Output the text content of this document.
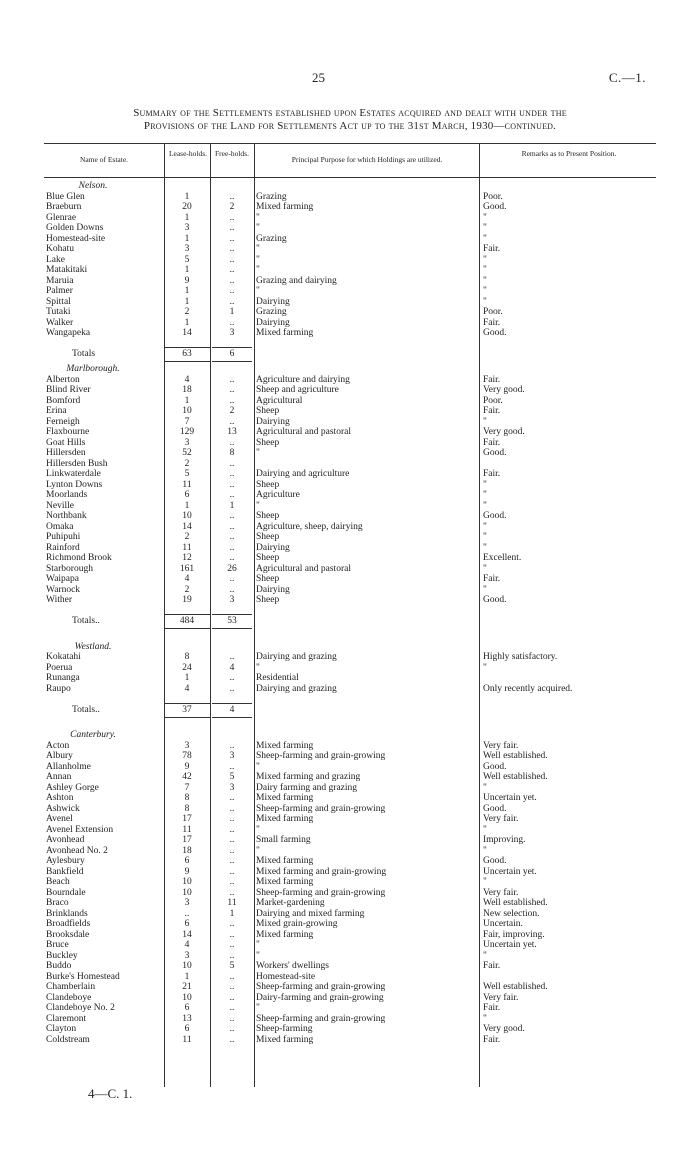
25	C.—1.
Summary of the Settlements established upon Estates acquired and dealt with under the
Provisions of the Land for Settlements Act up to the 31st March, 1930—continued.
Name of Estate.
Lease-holds. Free-holds.
Principal Purpose for which Holdings are utilized.
Remarks as to Present Position.
Nelson.
Blue Glen	1	..	Grazing	Poor.
Braeburn	20	2	Mixed farming	Good.
Glenrae	1	..	"	"
Golden Downs	3	..	"	"
Homestead-site	1	..	Grazing	"
Kohatu	3	..	"	Fair.
Lake	5	..	"	"
Matakitaki	1	..	"	"
Maruia	9	..	Grazing and dairying	"
Palmer	1	..	"	"
Spittal	1	..	Dairying	"
Tutaki	2	1	Grazing	Poor.
Walker	1	..	Dairying	Fair.
Wangapeka	14	3	Mixed farming	Good.
Totals	63	6
Marlborough.
Alberton	4	..	Agriculture and dairying	Fair.
Blind River	18	..	Sheep and agriculture	Very good.
Bomford	1	..	Agricultural	Poor.
Erina	10	2	Sheep	Fair.
Ferneigh	7	..	Dairying	"
Flaxbourne	129	13	Agricultural and pastoral	Very good.
Goat Hills	3	..	Sheep	Fair.
Hillersden	52	8	"	Good.
Hillersden Bush	2	..
Linkwaterdale	5	..	Dairying and agriculture	Fair.
Lynton Downs	11	..	Sheep	"
Moorlands	6	..	Agriculture	"
Neville	1	1	"	"
Northbank	10	..	Sheep	Good.
Omaka	14	..	Agriculture, sheep, dairying	"
Puhipuhi	2	..	Sheep	"
Rainford	11	..	Dairying	"
Richmond Brook	12	..	Sheep	Excellent.
Starborough	161	26	Agricultural and pastoral	"
Waipapa	4	..	Sheep	Fair.
Warnock	2	..	Dairying	"
Wither	19	3	Sheep	Good.
Totals..	484	53
Westland.
Kokatahi	8	..	Dairying and grazing	Highly satisfactory.
Poerua	24	4	"	"
Runanga	1	..	Residential
Raupo	4	..	Dairying and grazing	Only recently acquired.
Totals..	37	4
Canterbury.
Acton	3	..	Mixed farming	Very fair.
Albury	78	3	Sheep-farming and grain-growing	Well established.
Allanholme	9	..	"	Good.
Annan	42	5	Mixed farming and grazing	Well established.
Ashley Gorge	7	3	Dairy farming and grazing	"
Ashton	8	..	Mixed farming	Uncertain yet.
Ashwick	8	..	Sheep-farming and grain-growing	Good.
Avenel	17	..	Mixed farming	Very fair.
Avenel Extension	11	..	"	"
Avonhead	17	..	Small farming	Improving.
Avonhead No. 2	18	..	"	"
Aylesbury	6	..	Mixed farming	Good.
Bankfield	9	..	Mixed farming and grain-growing	Uncertain yet.
Beach	10	..	Mixed farming	"
Bourndale	10	..	Sheep-farming and grain-growing	Very fair.
Braco	3	11	Market-gardening	Well established.
Brinklands	..	1	Dairying and mixed farming	New selection.
Broadfields	6	..	Mixed grain-growing	Uncertain.
Brooksdale	14	..	Mixed farming	Fair, improving.
Bruce	4	..	"	Uncertain yet.
Buckley	3	..	"	"
Buddo	10	5	Workers' dwellings	Fair.
Burke's Homestead	1	..	Homestead-site
Chamberlain	21	..	Sheep-farming and grain-growing	Well established.
Clandeboye	10	..	Dairy-farming and grain-growing	Very fair.
Clandeboye No. 2	6	..	"	Fair.
Claremont	13	..	Sheep-farming and grain-growing	"
Clayton	6	..	Sheep-farming	Very good.
Coldstream	11	..	Mixed farming	Fair.
4—C. 1.
